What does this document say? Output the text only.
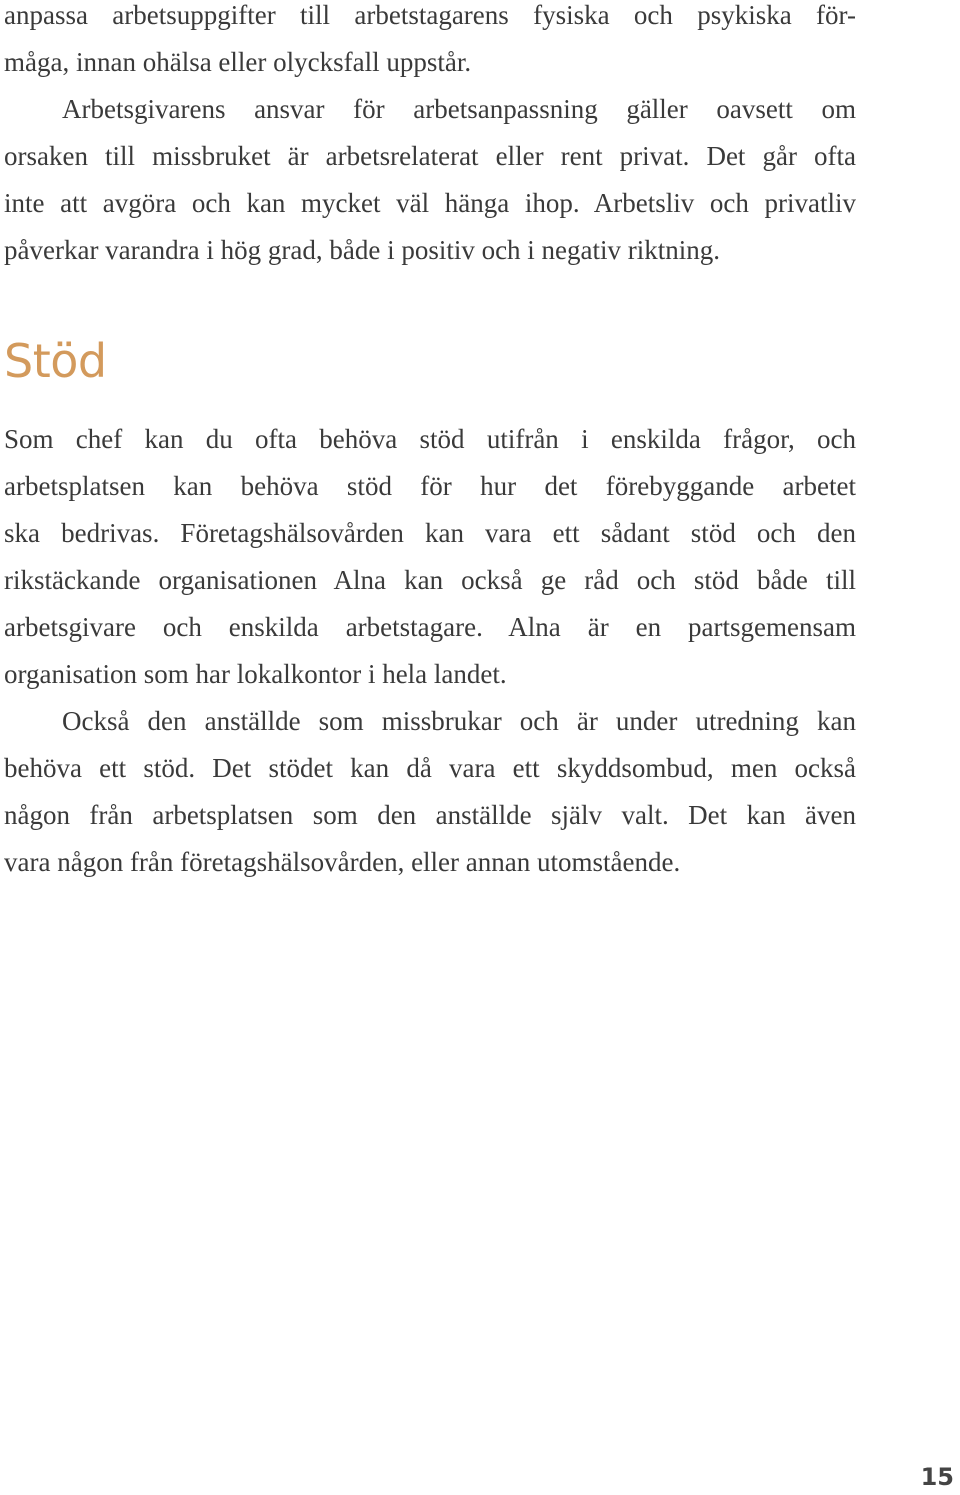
anpassa arbetsuppgifter till arbetstagarens fysiska och psykiska för-
måga, innan ohälsa eller olycksfall uppstår.
Arbetsgivarens ansvar för arbetsanpassning gäller oavsett om
orsaken till missbruket är arbetsrelaterat eller rent privat. Det går ofta
inte att avgöra och kan mycket väl hänga ihop. Arbetsliv och privatliv
påverkar varandra i hög grad, både i positiv och i negativ riktning.
Stöd
Som chef kan du ofta behöva stöd utifrån i enskilda frågor, och
arbetsplatsen kan behöva stöd för hur det förebyggande arbetet
ska bedrivas. Företagshälsovården kan vara ett sådant stöd och den
rikstäckande organisationen Alna kan också ge råd och stöd både till
arbetsgivare och enskilda arbetstagare. Alna är en partsgemensam
organisation som har lokalkontor i hela landet.
Också den anställde som missbrukar och är under utredning kan
behöva ett stöd. Det stödet kan då vara ett skyddsombud, men också
någon från arbetsplatsen som den anställde själv valt. Det kan även
vara någon från företagshälsovården, eller annan utomstående.
15
